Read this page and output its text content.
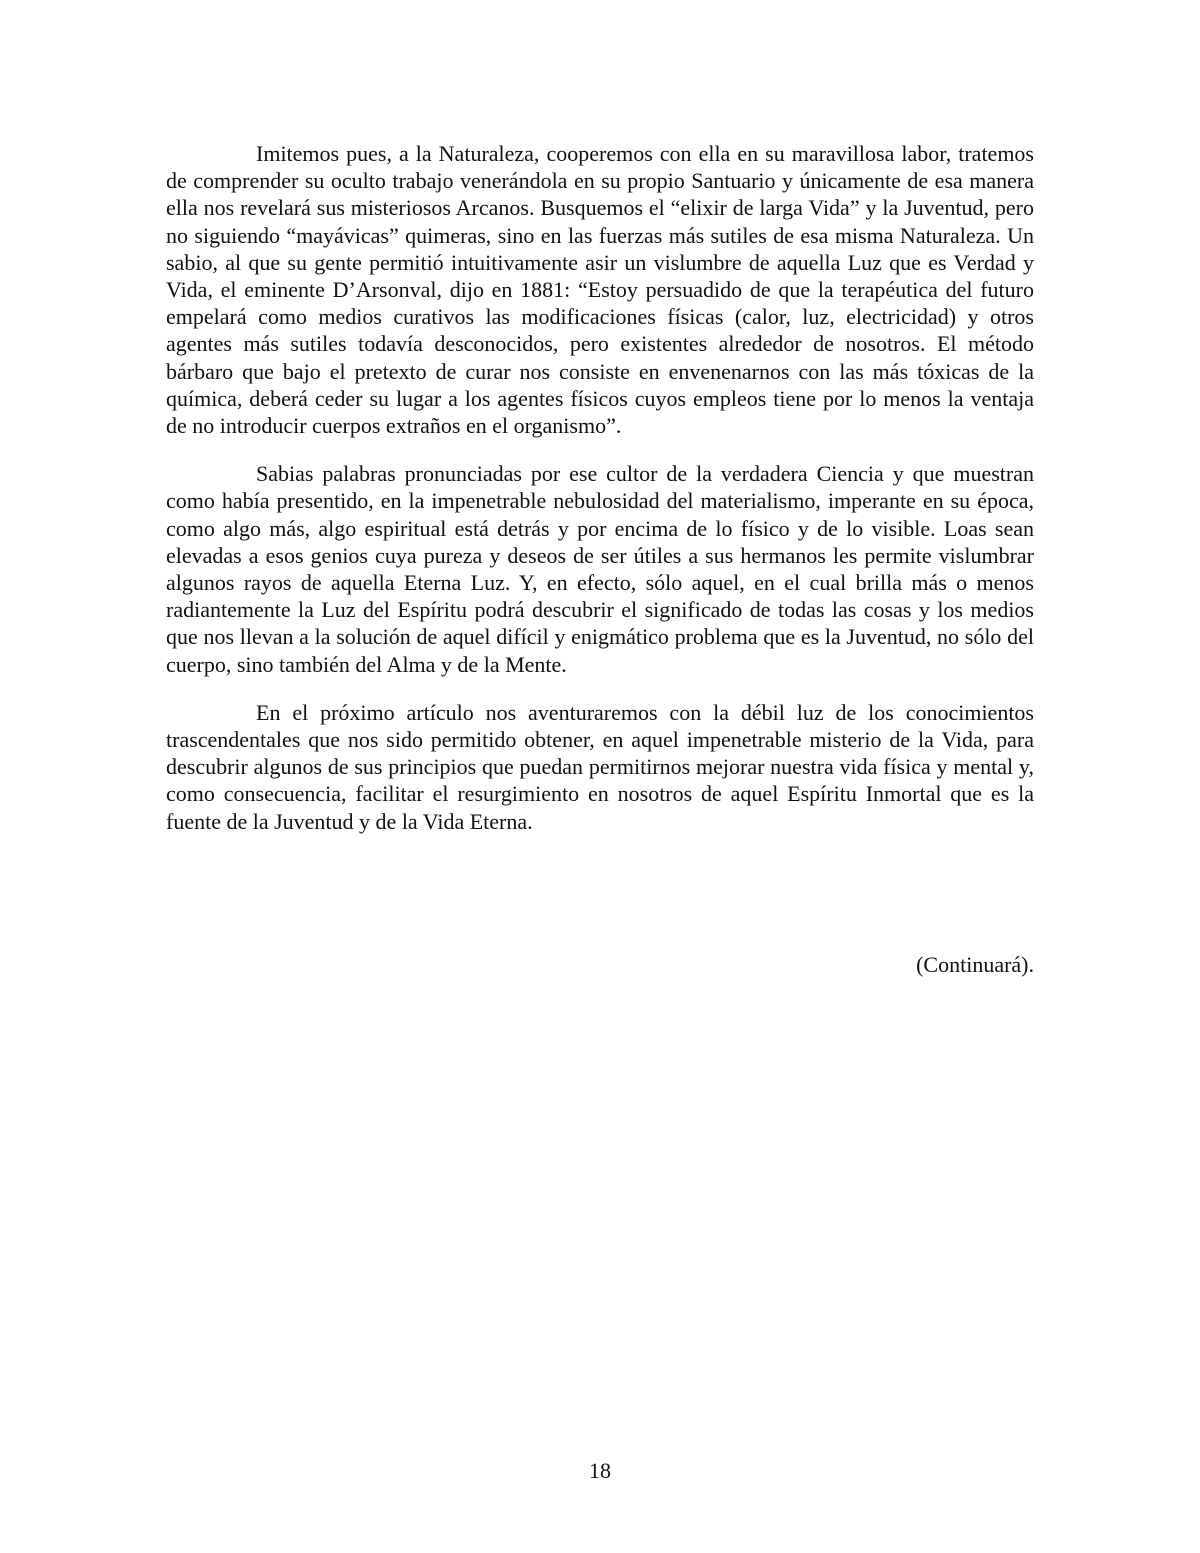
Imitemos pues, a la Naturaleza, cooperemos con ella en su maravillosa labor, tratemos de comprender su oculto trabajo venerándola en su propio Santuario y únicamente de esa manera ella nos revelará sus misteriosos Arcanos. Busquemos el “elixir de larga Vida” y la Juventud, pero no siguiendo “mayávicas” quimeras, sino en las fuerzas más sutiles de esa misma Naturaleza. Un sabio, al que su gente permitió intuitivamente asir un vislumbre de aquella Luz que es Verdad y Vida, el eminente D’Arsonval, dijo en 1881: “Estoy persuadido de que la terapéutica del futuro empelará como medios curativos las modificaciones físicas (calor, luz, electricidad) y otros agentes más sutiles todavía desconocidos, pero existentes alrededor de nosotros. El método bárbaro que bajo el pretexto de curar nos consiste en envenenarnos con las más tóxicas de la química, deberá ceder su lugar a los agentes físicos cuyos empleos tiene por lo menos la ventaja de no introducir cuerpos extraños en el organismo”.

Sabias palabras pronunciadas por ese cultor de la verdadera Ciencia y que muestran como había presentido, en la impenetrable nebulosidad del materialismo, imperante en su época, como algo más, algo espiritual está detrás y por encima de lo físico y de lo visible. Loas sean elevadas a esos genios cuya pureza y deseos de ser útiles a sus hermanos les permite vislumbrar algunos rayos de aquella Eterna Luz. Y, en efecto, sólo aquel, en el cual brilla más o menos radiantemente la Luz del Espíritu podrá descubrir el significado de todas las cosas y los medios que nos llevan a la solución de aquel difícil y enigmático problema que es la Juventud, no sólo del cuerpo, sino también del Alma y de la Mente.

En el próximo artículo nos aventuraremos con la débil luz de los conocimientos trascendentales que nos sido permitido obtener, en aquel impenetrable misterio de la Vida, para descubrir algunos de sus principios que puedan permitirnos mejorar nuestra vida física y mental y, como consecuencia, facilitar el resurgimiento en nosotros de aquel Espíritu Inmortal que es la fuente de la Juventud y de la Vida Eterna.

(Continuará).

18
